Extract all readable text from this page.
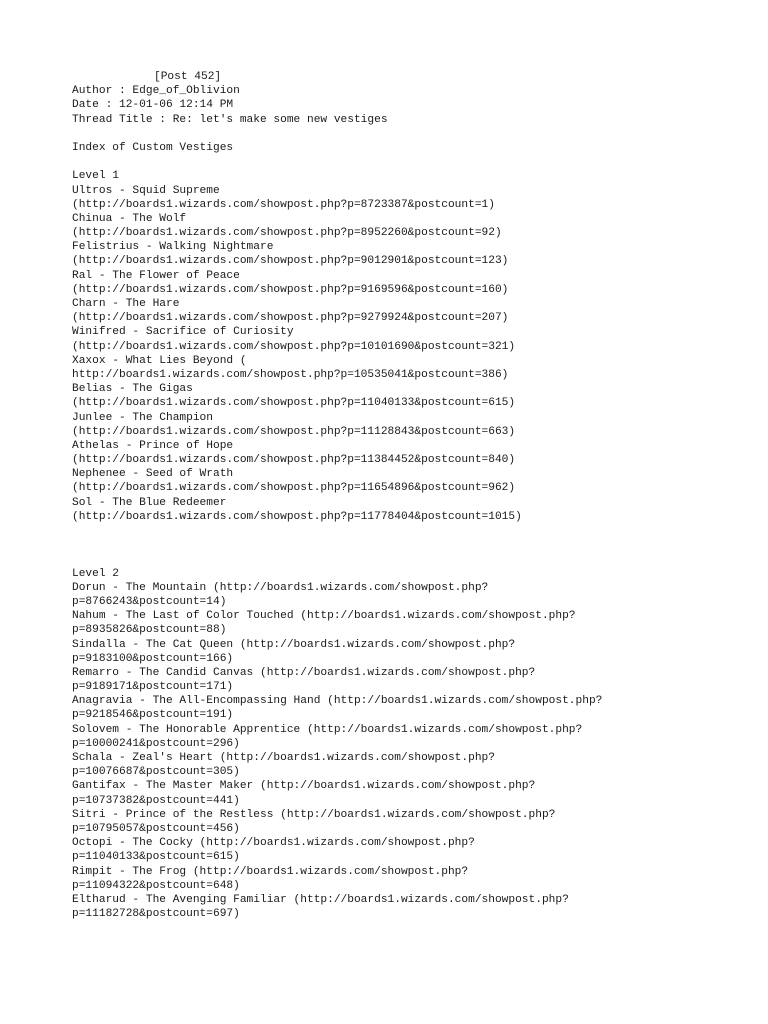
[Post 452]
Author : Edge_of_Oblivion
Date : 12-01-06 12:14 PM
Thread Title : Re: let's make some new vestiges
Index of Custom Vestiges
Level 1
Ultros - Squid Supreme
(http://boards1.wizards.com/showpost.php?p=8723387&postcount=1)
Chinua - The Wolf
(http://boards1.wizards.com/showpost.php?p=8952260&postcount=92)
Felistrius - Walking Nightmare
(http://boards1.wizards.com/showpost.php?p=9012901&postcount=123)
Ral - The Flower of Peace
(http://boards1.wizards.com/showpost.php?p=9169596&postcount=160)
Charn - The Hare
(http://boards1.wizards.com/showpost.php?p=9279924&postcount=207)
Winifred - Sacrifice of Curiosity
(http://boards1.wizards.com/showpost.php?p=10101690&postcount=321)
Xaxox - What Lies Beyond (
http://boards1.wizards.com/showpost.php?p=10535041&postcount=386)
Belias - The Gigas
(http://boards1.wizards.com/showpost.php?p=11040133&postcount=615)
Junlee - The Champion
(http://boards1.wizards.com/showpost.php?p=11128843&postcount=663)
Athelas - Prince of Hope
(http://boards1.wizards.com/showpost.php?p=11384452&postcount=840)
Nephenee - Seed of Wrath
(http://boards1.wizards.com/showpost.php?p=11654896&postcount=962)
Sol - The Blue Redeemer
(http://boards1.wizards.com/showpost.php?p=11778404&postcount=1015)
Level 2
Dorun - The Mountain (http://boards1.wizards.com/showpost.php?
p=8766243&postcount=14)
Nahum - The Last of Color Touched (http://boards1.wizards.com/showpost.php?
p=8935826&postcount=88)
Sindalla - The Cat Queen (http://boards1.wizards.com/showpost.php?
p=9183100&postcount=166)
Remarro - The Candid Canvas (http://boards1.wizards.com/showpost.php?
p=9189171&postcount=171)
Anagravia - The All-Encompassing Hand (http://boards1.wizards.com/showpost.php?
p=9218546&postcount=191)
Solovem - The Honorable Apprentice (http://boards1.wizards.com/showpost.php?
p=10000241&postcount=296)
Schala - Zeal's Heart (http://boards1.wizards.com/showpost.php?
p=10076687&postcount=305)
Gantifax - The Master Maker (http://boards1.wizards.com/showpost.php?
p=10737382&postcount=441)
Sitri - Prince of the Restless (http://boards1.wizards.com/showpost.php?
p=10795057&postcount=456)
Octopi - The Cocky (http://boards1.wizards.com/showpost.php?
p=11040133&postcount=615)
Rimpit - The Frog (http://boards1.wizards.com/showpost.php?
p=11094322&postcount=648)
Eltharud - The Avenging Familiar (http://boards1.wizards.com/showpost.php?
p=11182728&postcount=697)
